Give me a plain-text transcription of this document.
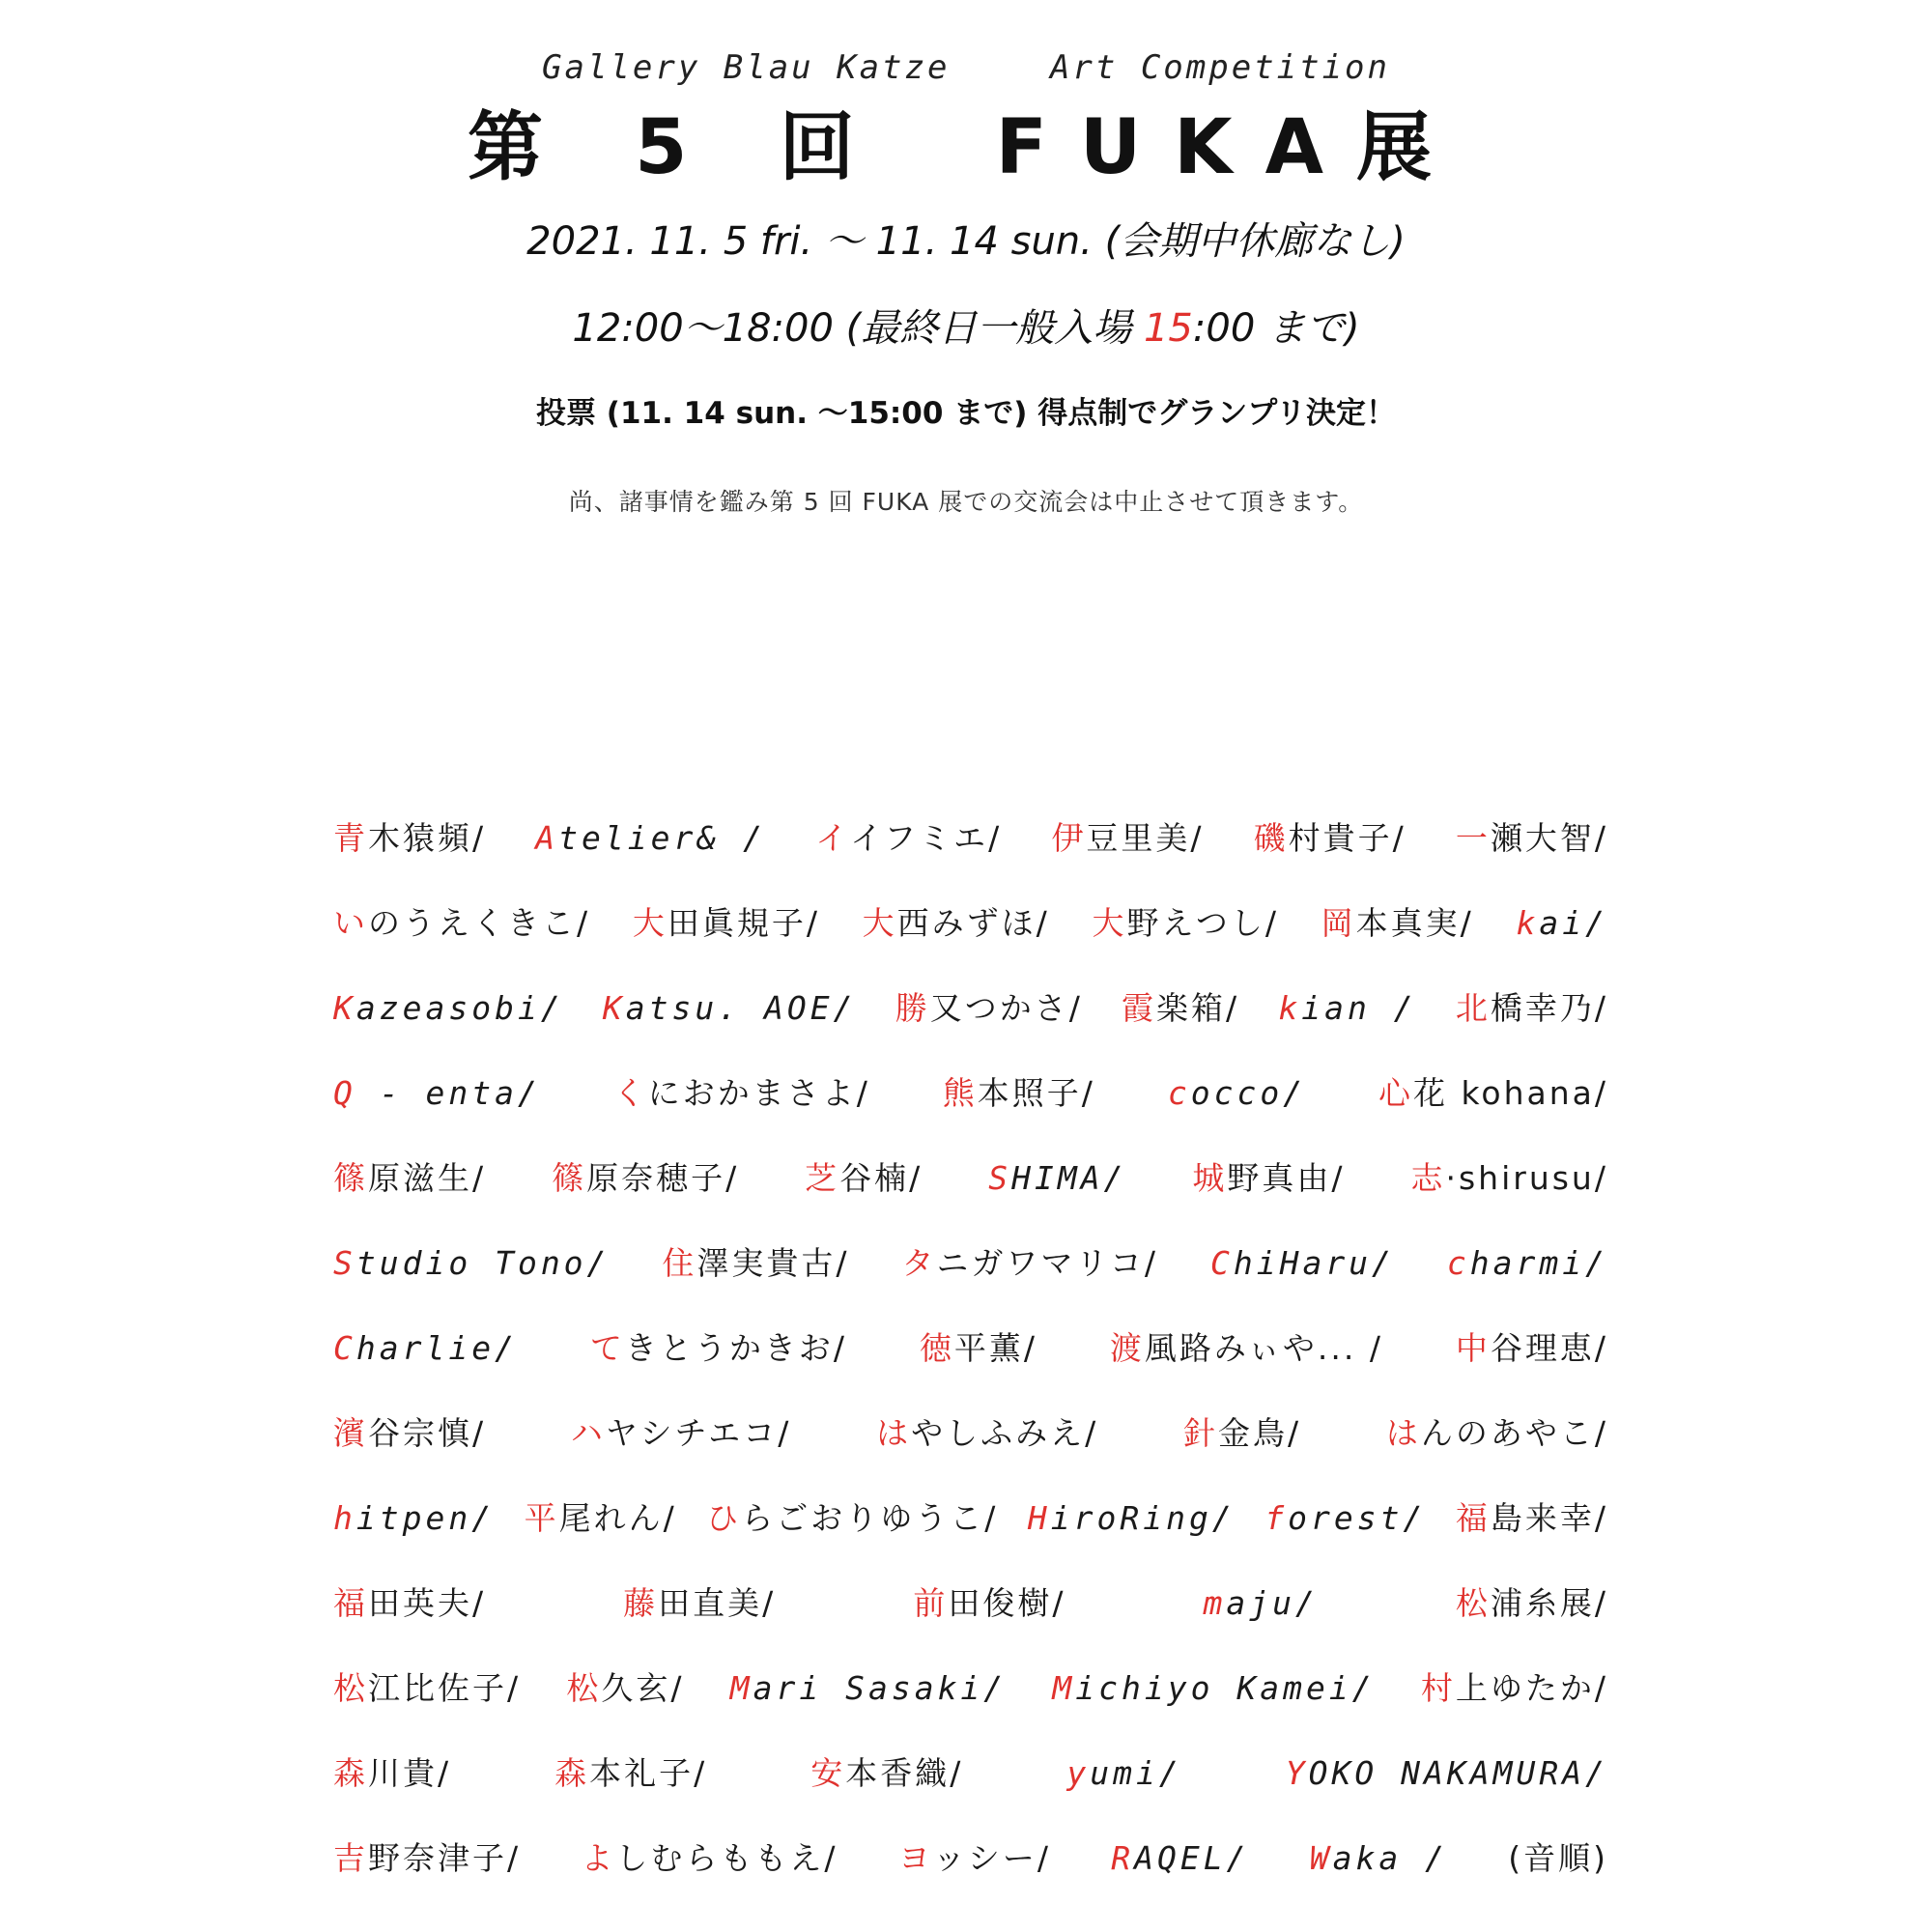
Gallery Blau Katze	Art Competition
第 5 回　FUKA展
2021. 11. 5 fri. 〜 11. 14 sun. (会期中休廊なし)
12:00〜18:00 (最終日一般入場 15:00 まで)
投票 (11. 14 sun. 〜15:00 まで) 得点制でグランプリ決定！
尚、諸事情を鑑み第 5 回 FUKA 展での交流会は中止させて頂きます。
青木猿頻/ Atelier& / イイフミエ/ 伊豆里美/ 磯村貴子/ 一瀬大智/
いのうえくきこ/ 大田眞規子/ 大西みずほ/ 大野えつし/ 岡本真実/ kai/
Kazeasobi/ Katsu. AOE/ 勝又つかさ/ 霞楽箱/ kian / 北橋幸乃/
Q - enta/ くにおかまさよ/ 熊本照子/ cocco/ 心花 kohana/
篠原滋生/ 篠原奈穂子/ 芝谷楠/ SHIMA/ 城野真由/ 志·shirusu/
Studio Tono/ 住澤実貴古/ タニガワマリコ/ ChiHaru/ charmi/
Charlie/ てきとうかきお/ 徳平薫/ 渡風路みぃや... / 中谷理恵/
濱谷宗慎/	ハヤシチエコ/	はやしふみえ/	針金鳥/	はんのあやこ/
hitpen/ 平尾れん/ ひらごおりゆうこ/ HiroRing/ forest/ 福島来幸/
福田英夫/	藤田直美/	前田俊樹/	maju/	松浦糸展/
松江比佐子/ 松久玄/ Mari Sasaki/ Michiyo Kamei/ 村上ゆたか/
森川貴/	森本礼子/	安本香織/	yumi/	YOKO NAKAMURA/
吉野奈津子/ よしむらももえ/ ヨッシー/ RAQEL/ Waka / (音順)
